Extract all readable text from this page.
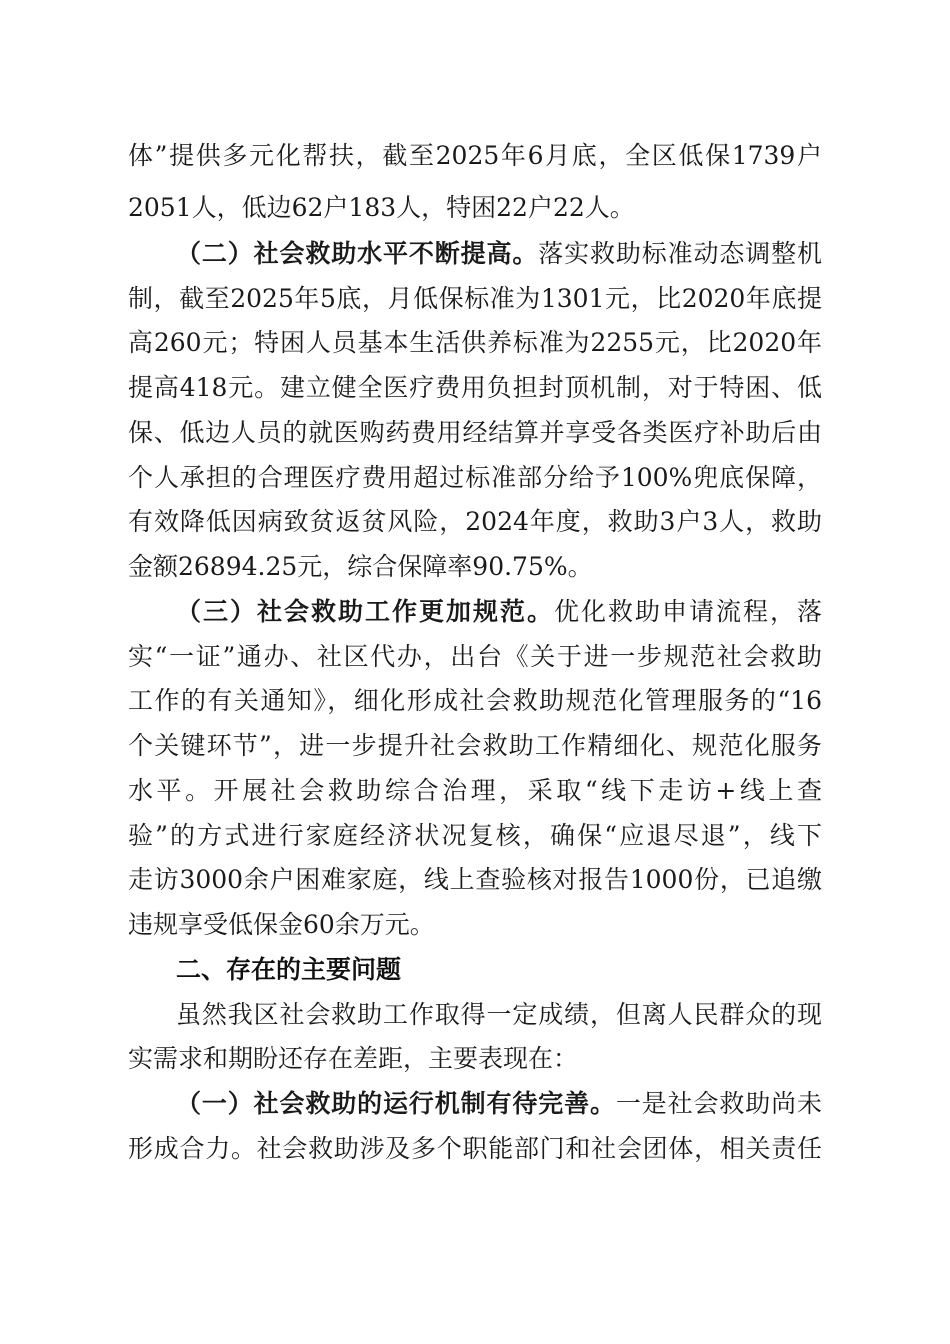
体”提供多元化帮扶，截至2025年6月底，全区低保1739户
2051人，低边62户183人，特困22户22人。
（二）社会救助水平不断提高。落实救助标准动态调整机
制，截至2025年5底，月低保标准为1301元，比2020年底提
高260元；特困人员基本生活供养标准为2255元，比2020年
提高418元。建立健全医疗费用负担封顶机制，对于特困、低
保、低边人员的就医购药费用经结算并享受各类医疗补助后由
个人承担的合理医疗费用超过标准部分给予100%兜底保障，
有效降低因病致贫返贫风险，2024年度，救助3户3人，救助
金额26894.25元，综合保障率90.75%。
（三）社会救助工作更加规范。优化救助申请流程，落
实“一证”通办、社区代办，出台《关于进一步规范社会救助
工作的有关通知》，细化形成社会救助规范化管理服务的“16
个关键环节”，进一步提升社会救助工作精细化、规范化服务
水平。开展社会救助综合治理，采取“线下走访+线上查
验”的方式进行家庭经济状况复核，确保“应退尽退”，线下
走访3000余户困难家庭，线上查验核对报告1000份，已追缴
违规享受低保金60余万元。
二、存在的主要问题
虽然我区社会救助工作取得一定成绩，但离人民群众的现
实需求和期盼还存在差距，主要表现在：
（一）社会救助的运行机制有待完善。一是社会救助尚未
形成合力。社会救助涉及多个职能部门和社会团体，相关责任
